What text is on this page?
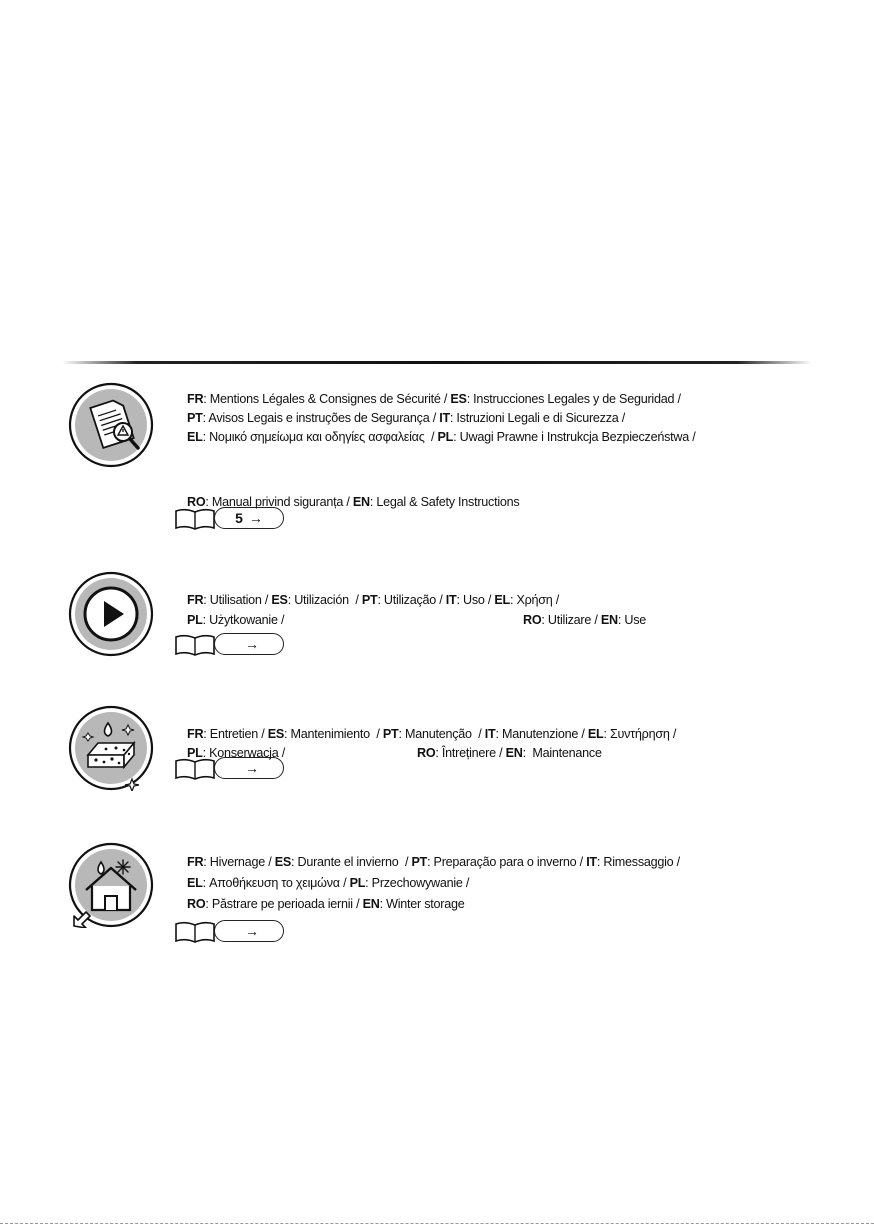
FR: Mentions Légales & Consignes de Sécurité / ES: Instrucciones Legales y de Seguridad /

PT: Avisos Legais e instruções de Segurança / IT: Istruzioni Legali e di Sicurezza /

EL: Νομικό σημείωμα και οδηγίες ασφαλείας  / PL: Uwagi Prawne i Instrukcja Bezpieczeństwa /

RO: Manual privind siguranța / EN: Legal & Safety Instructions

5 →

FR: Utilisation / ES: Utilización  / PT: Utilização / IT: Uso / EL: Χρήση /

PL: Użytkowanie /
	RO: Utilizare / EN: Use

→

FR: Entretien / ES: Mantenimiento  / PT: Manutenção  / IT: Manutenzione / EL: Συντήρηση /

PL: Konserwacja /
	RO: Întreținere / EN:  Maintenance

→

FR: Hivernage / ES: Durante el invierno  / PT: Preparação para o inverno / IT: Rimessaggio /

EL: Αποθήκευση το χειμώνα / PL: Przechowywanie /

RO: Păstrare pe perioada iernii / EN: Winter storage

→
